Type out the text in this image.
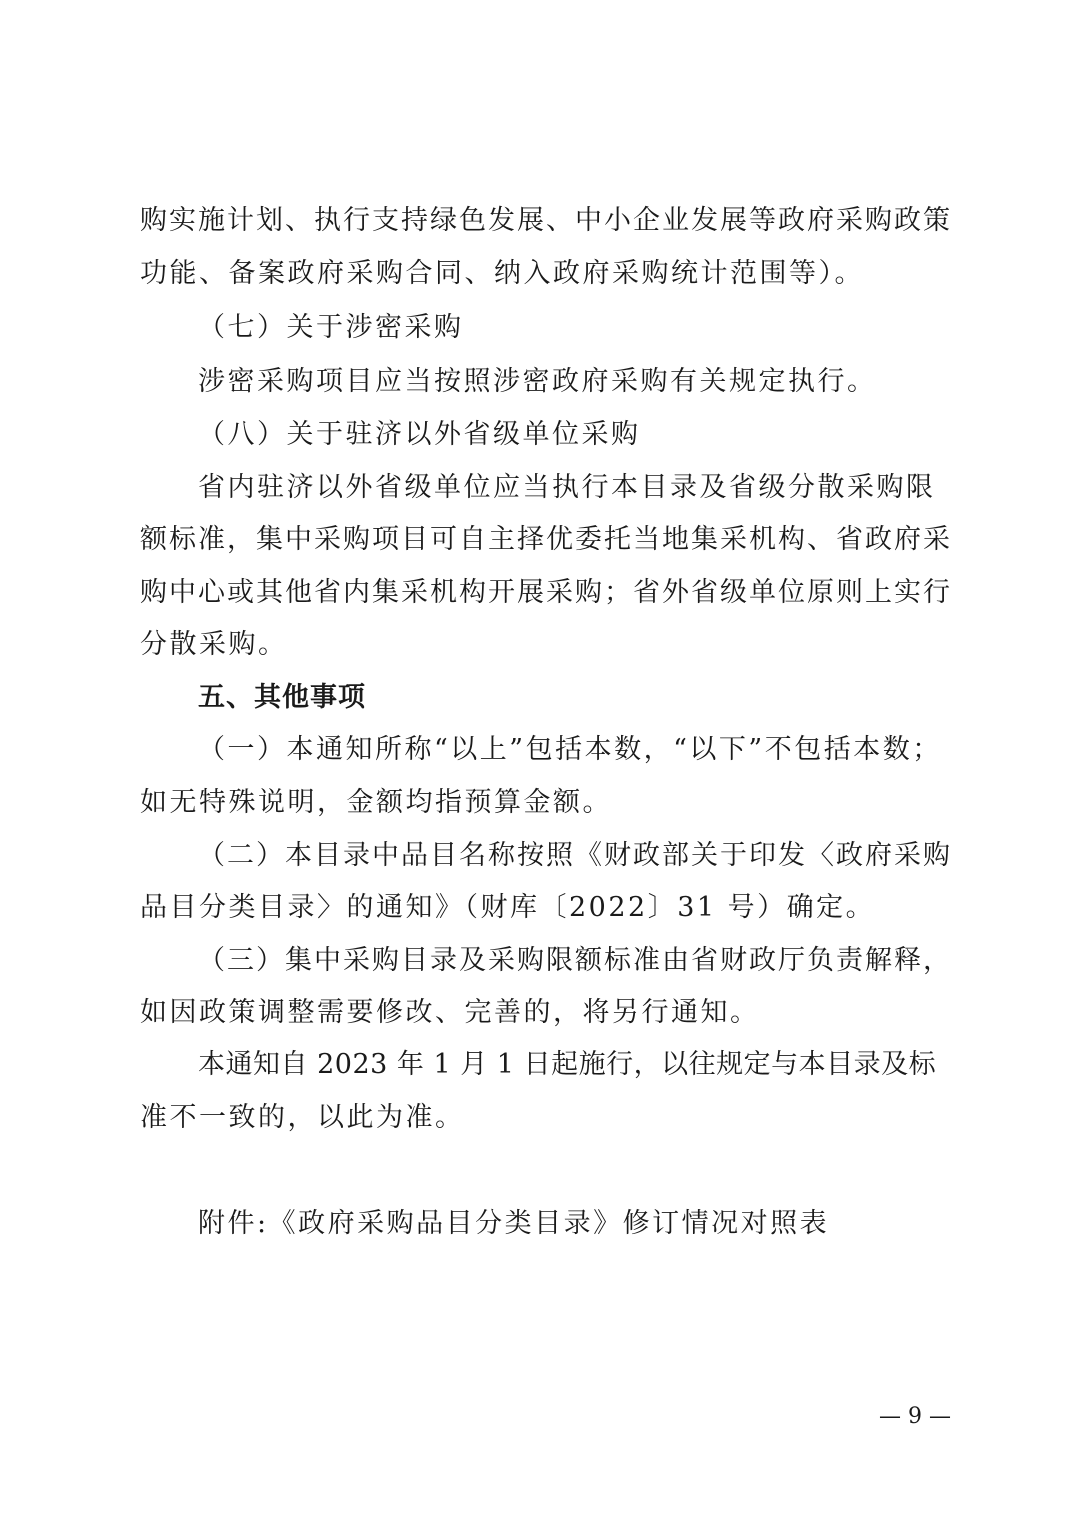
购实施计划、执行支持绿色发展、中小企业发展等政府采购政策
功能、备案政府采购合同、纳入政府采购统计范围等）。
（七）关于涉密采购
涉密采购项目应当按照涉密政府采购有关规定执行。
（八）关于驻济以外省级单位采购
省内驻济以外省级单位应当执行本目录及省级分散采购限
额标准，集中采购项目可自主择优委托当地集采机构、省政府采
购中心或其他省内集采机构开展采购；省外省级单位原则上实行
分散采购。
五、其他事项
（一）本通知所称“以上”包括本数，“以下”不包括本数；
如无特殊说明，金额均指预算金额。
（二）本目录中品目名称按照《财政部关于印发〈政府采购
品目分类目录〉的通知》（财库〔2022〕31 号）确定。
（三）集中采购目录及采购限额标准由省财政厅负责解释，
如因政策调整需要修改、完善的，将另行通知。
本通知自 2023 年 1 月 1 日起施行，以往规定与本目录及标
准不一致的，以此为准。
附件:《政府采购品目分类目录》修订情况对照表
— 9 —
